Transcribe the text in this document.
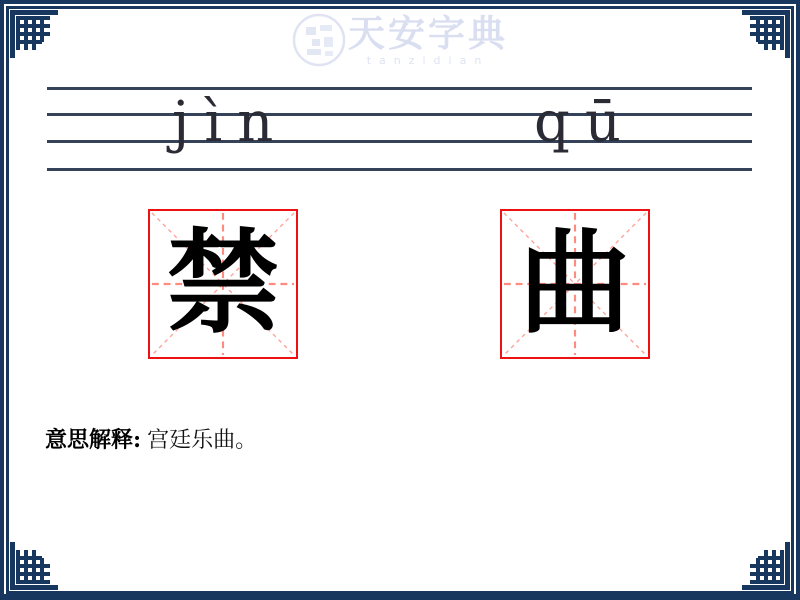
天安字典
tanzidian
jìn	qū
禁 曲
意思解释: 宫廷乐曲。
